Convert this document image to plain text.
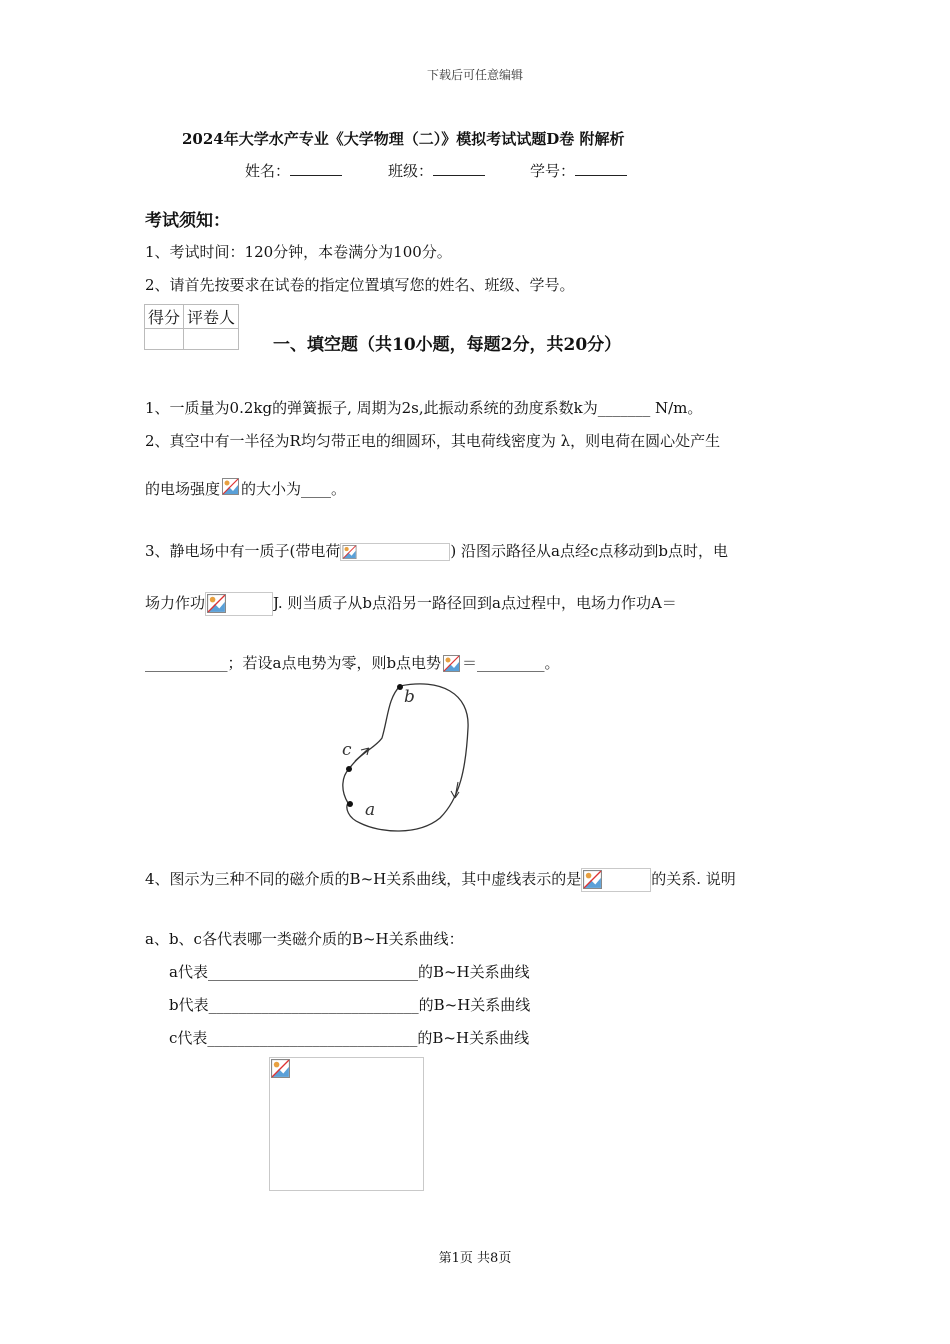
下载后可任意编辑
2024年大学水产专业《大学物理（二）》模拟考试试题D卷 附解析
姓名：	班级：	学号：
考试须知：
1、考试时间：120分钟，本卷满分为100分。
2、请首先按要求在试卷的指定位置填写您的姓名、班级、学号。
得分	评卷人

一、填空题（共10小题，每题2分，共20分）
1、一质量为0.2kg的弹簧振子, 周期为2s,此振动系统的劲度系数k为_______ N/m。
2、真空中有一半径为R均匀带正电的细圆环，其电荷线密度为 λ，则电荷在圆心处产生
的电场强度 的大小为____。
3、静电场中有一质子(带电荷	) 沿图示路径从a点经c点移动到b点时，电
场力作功	J. 则当质子从b点沿另一路径回到a点过程中，电场力作功A＝
___________；若设a点电势为零，则b点电势 ＝_________。
b
c
a
4、图示为三种不同的磁介质的B~H关系曲线，其中虚线表示的是	的关系. 说明
a、b、c各代表哪一类磁介质的B~H关系曲线：
a代表____________________________的B~H关系曲线
b代表____________________________的B~H关系曲线
c代表____________________________的B~H关系曲线
第1页 共8页
